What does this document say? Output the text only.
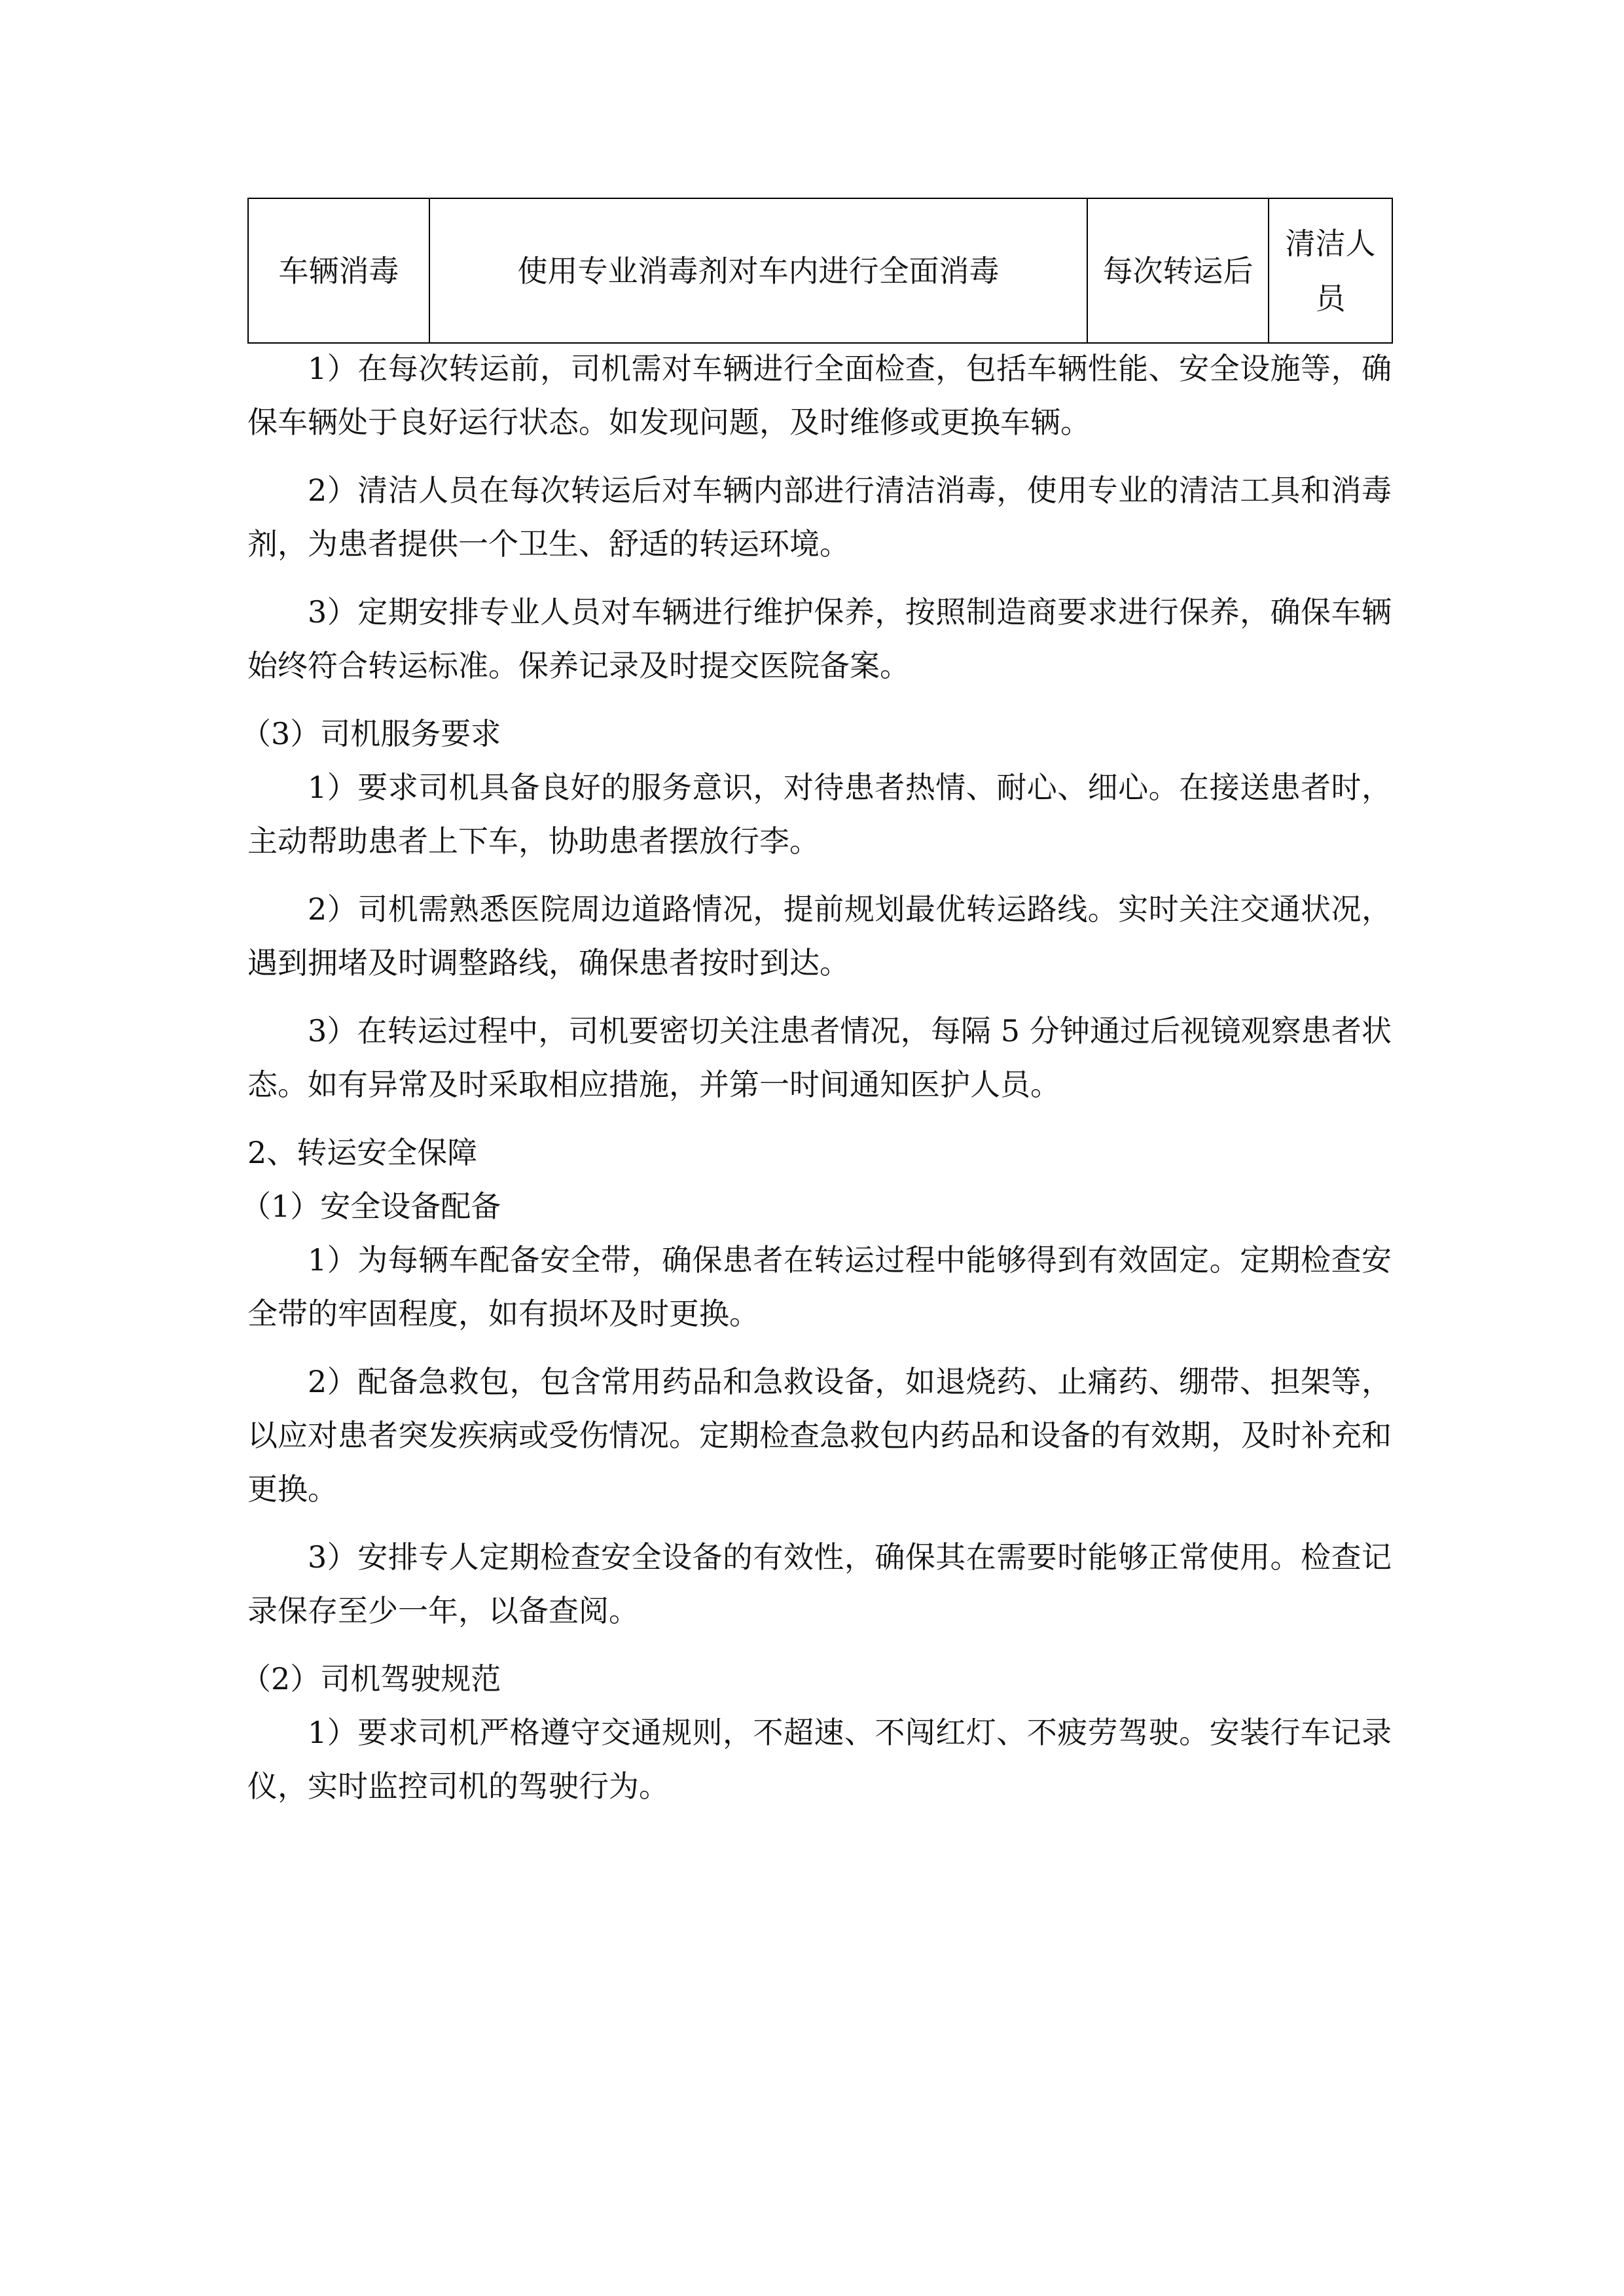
车辆消毒	使用专业消毒剂对车内进行全面消毒	每次转运后	清洁人员

1）在每次转运前，司机需对车辆进行全面检查，包括车辆性能、安全设施等，确保车辆处于良好运行状态。如发现问题，及时维修或更换车辆。

2）清洁人员在每次转运后对车辆内部进行清洁消毒，使用专业的清洁工具和消毒剂，为患者提供一个卫生、舒适的转运环境。

3）定期安排专业人员对车辆进行维护保养，按照制造商要求进行保养，确保车辆始终符合转运标准。保养记录及时提交医院备案。

（3）司机服务要求

1）要求司机具备良好的服务意识，对待患者热情、耐心、细心。在接送患者时，主动帮助患者上下车，协助患者摆放行李。

2）司机需熟悉医院周边道路情况，提前规划最优转运路线。实时关注交通状况，遇到拥堵及时调整路线，确保患者按时到达。

3）在转运过程中，司机要密切关注患者情况，每隔 5 分钟通过后视镜观察患者状态。如有异常及时采取相应措施，并第一时间通知医护人员。

2、转运安全保障

（1）安全设备配备

1）为每辆车配备安全带，确保患者在转运过程中能够得到有效固定。定期检查安全带的牢固程度，如有损坏及时更换。

2）配备急救包，包含常用药品和急救设备，如退烧药、止痛药、绷带、担架等，以应对患者突发疾病或受伤情况。定期检查急救包内药品和设备的有效期，及时补充和更换。

3）安排专人定期检查安全设备的有效性，确保其在需要时能够正常使用。检查记录保存至少一年，以备查阅。

（2）司机驾驶规范

1）要求司机严格遵守交通规则，不超速、不闯红灯、不疲劳驾驶。安装行车记录仪，实时监控司机的驾驶行为。
